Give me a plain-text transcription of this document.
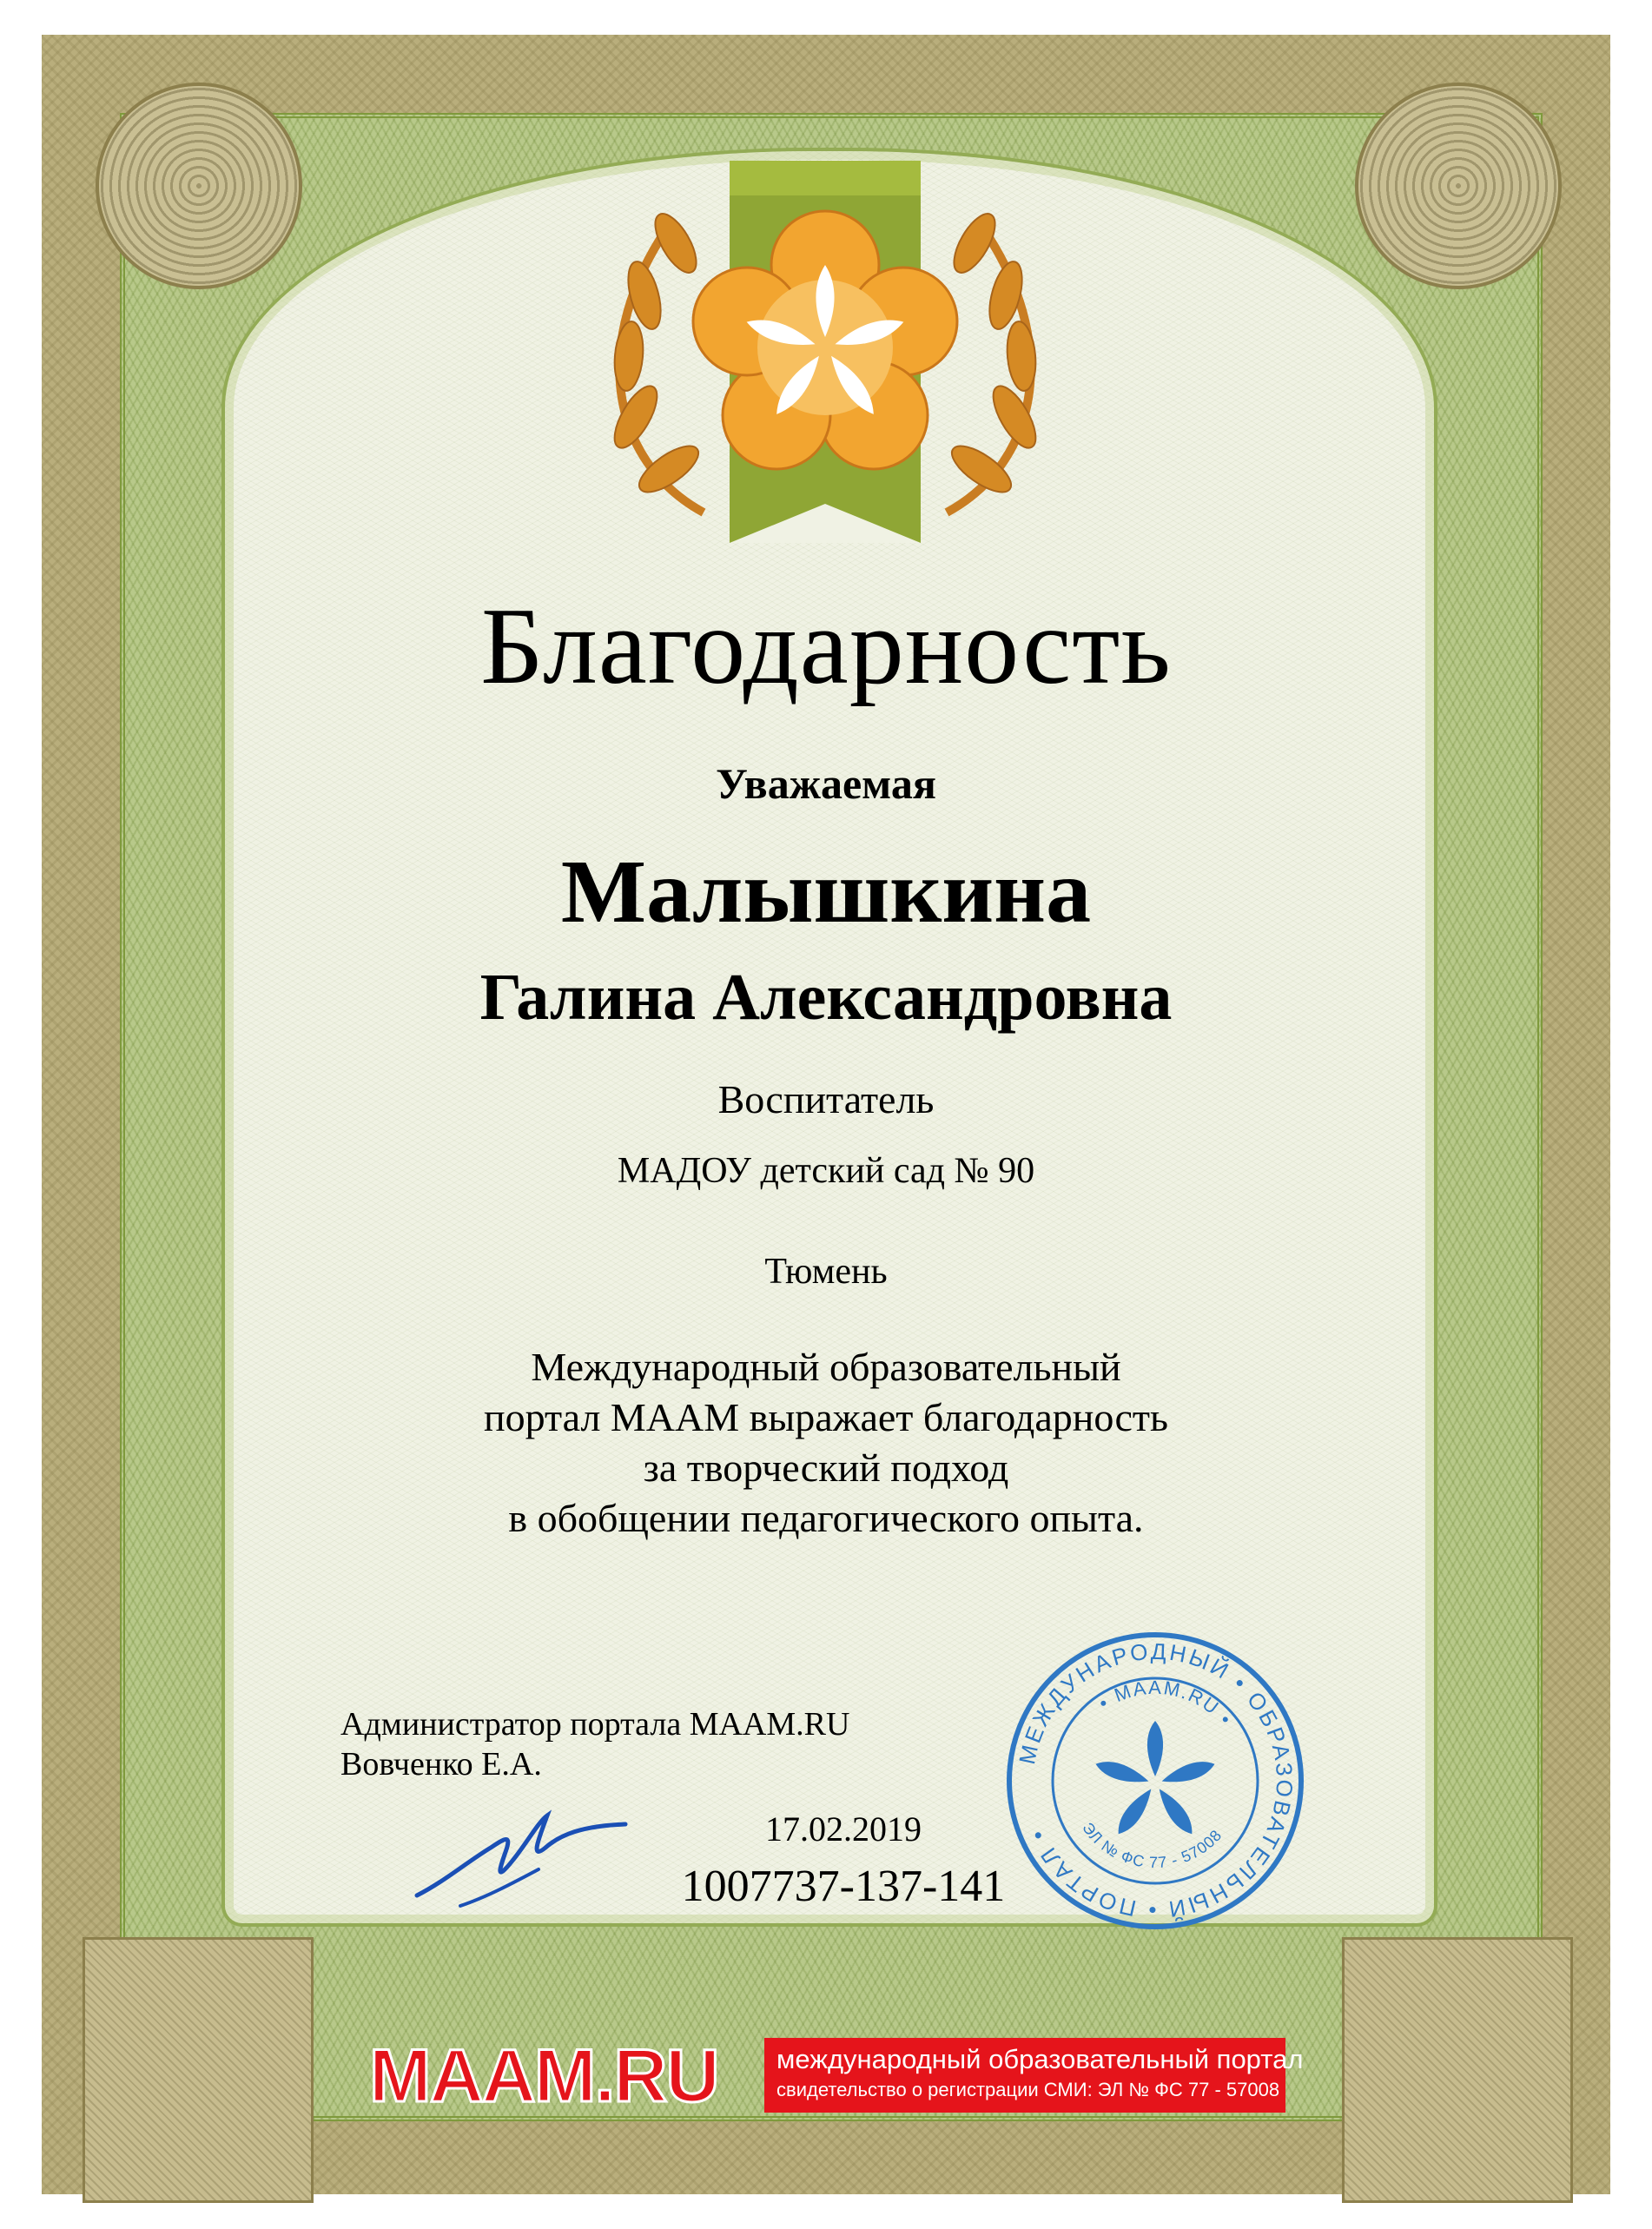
Благодарность
Уважаемая
Малышкина
Галина Александровна
Воспитатель
МАДОУ детский сад № 90
Тюмень
Международный образовательный
портал МААМ выражает благодарность
за творческий подход
в обобщении педагогического опыта.
Администратор портала MAAM.RU
Вовченко Е.А.
17.02.2019
1007737-137-141
МЕЖДУНАРОДНЫЙ • ОБРАЗОВАТЕЛЬНЫЙ • ПОРТАЛ •
• MAAM.RU •
ЭЛ № ФС 77 - 57008
MAAM.RU	международный образовательный портал
свидетельство о регистрации СМИ: ЭЛ № ФС 77 - 57008
